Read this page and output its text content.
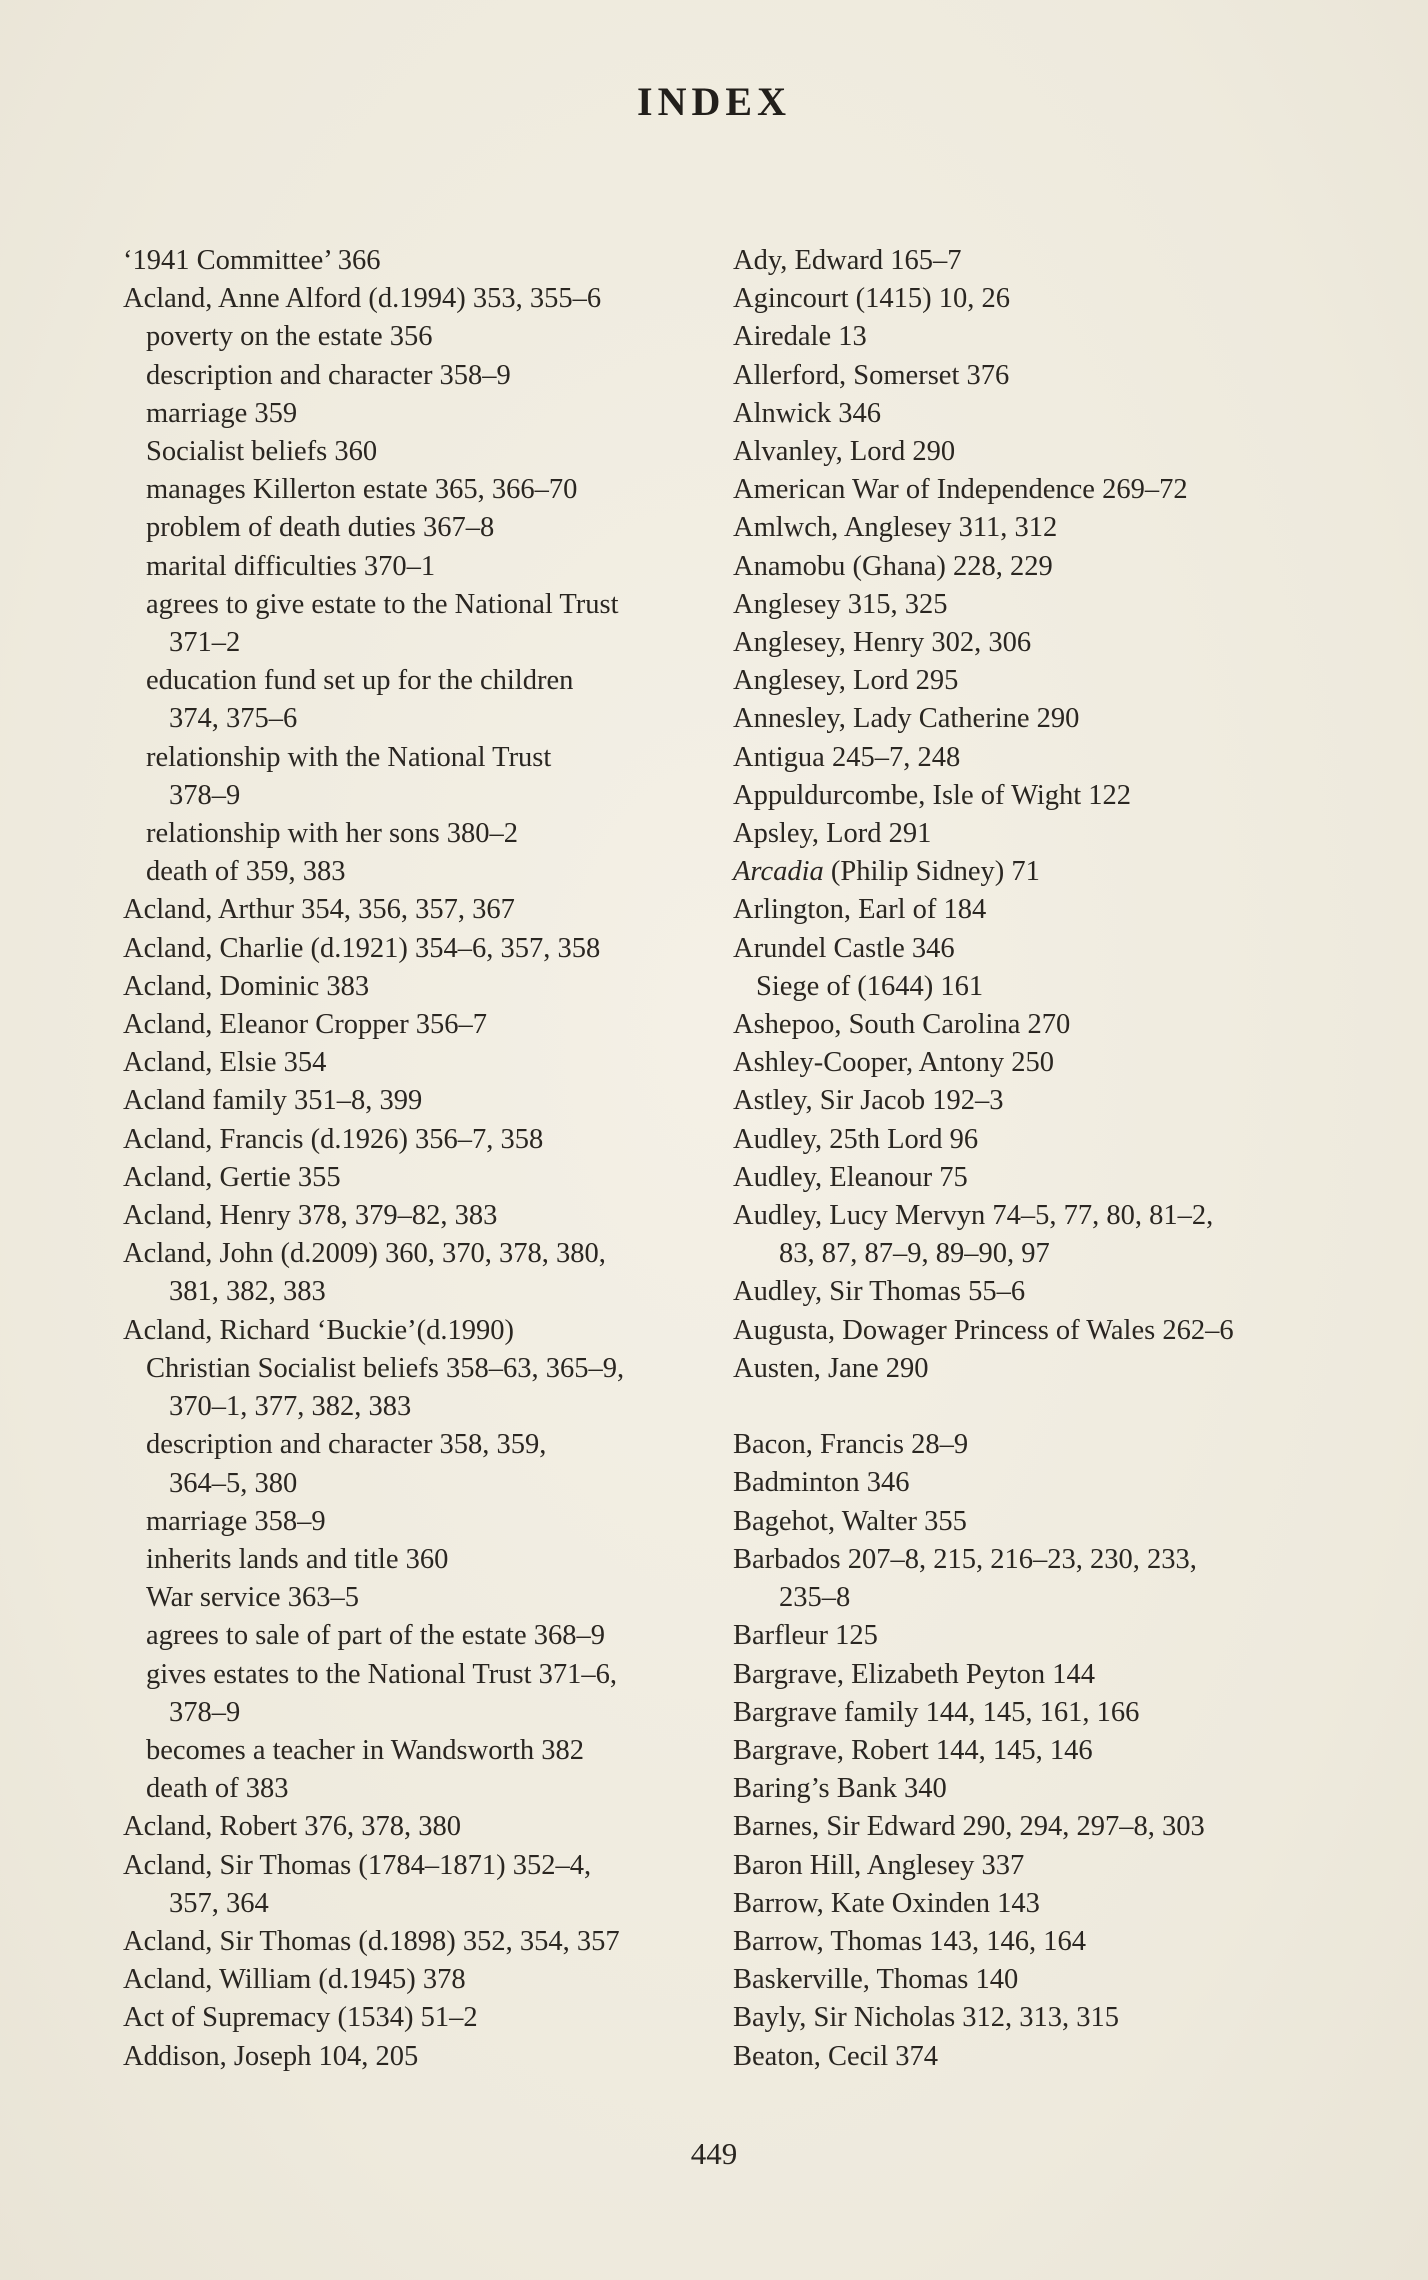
INDEX
‘1941 Committee’ 366
Acland, Anne Alford (d.1994) 353, 355–6
poverty on the estate 356
description and character 358–9
marriage 359
Socialist beliefs 360
manages Killerton estate 365, 366–70
problem of death duties 367–8
marital difficulties 370–1
agrees to give estate to the National Trust
371–2
education fund set up for the children
374, 375–6
relationship with the National Trust
378–9
relationship with her sons 380–2
death of 359, 383
Acland, Arthur 354, 356, 357, 367
Acland, Charlie (d.1921) 354–6, 357, 358
Acland, Dominic 383
Acland, Eleanor Cropper 356–7
Acland, Elsie 354
Acland family 351–8, 399
Acland, Francis (d.1926) 356–7, 358
Acland, Gertie 355
Acland, Henry 378, 379–82, 383
Acland, John (d.2009) 360, 370, 378, 380,
381, 382, 383
Acland, Richard ‘Buckie’(d.1990)
Christian Socialist beliefs 358–63, 365–9,
370–1, 377, 382, 383
description and character 358, 359,
364–5, 380
marriage 358–9
inherits lands and title 360
War service 363–5
agrees to sale of part of the estate 368–9
gives estates to the National Trust 371–6,
378–9
becomes a teacher in Wandsworth 382
death of 383
Acland, Robert 376, 378, 380
Acland, Sir Thomas (1784–1871) 352–4,
357, 364
Acland, Sir Thomas (d.1898) 352, 354, 357
Acland, William (d.1945) 378
Act of Supremacy (1534) 51–2
Addison, Joseph 104, 205
Ady, Edward 165–7
Agincourt (1415) 10, 26
Airedale 13
Allerford, Somerset 376
Alnwick 346
Alvanley, Lord 290
American War of Independence 269–72
Amlwch, Anglesey 311, 312
Anamobu (Ghana) 228, 229
Anglesey 315, 325
Anglesey, Henry 302, 306
Anglesey, Lord 295
Annesley, Lady Catherine 290
Antigua 245–7, 248
Appuldurcombe, Isle of Wight 122
Apsley, Lord 291
Arcadia (Philip Sidney) 71
Arlington, Earl of 184
Arundel Castle 346
Siege of (1644) 161
Ashepoo, South Carolina 270
Ashley-Cooper, Antony 250
Astley, Sir Jacob 192–3
Audley, 25th Lord 96
Audley, Eleanour 75
Audley, Lucy Mervyn 74–5, 77, 80, 81–2,
83, 87, 87–9, 89–90, 97
Audley, Sir Thomas 55–6
Augusta, Dowager Princess of Wales 262–6
Austen, Jane 290
Bacon, Francis 28–9
Badminton 346
Bagehot, Walter 355
Barbados 207–8, 215, 216–23, 230, 233,
235–8
Barfleur 125
Bargrave, Elizabeth Peyton 144
Bargrave family 144, 145, 161, 166
Bargrave, Robert 144, 145, 146
Baring’s Bank 340
Barnes, Sir Edward 290, 294, 297–8, 303
Baron Hill, Anglesey 337
Barrow, Kate Oxinden 143
Barrow, Thomas 143, 146, 164
Baskerville, Thomas 140
Bayly, Sir Nicholas 312, 313, 315
Beaton, Cecil 374
449
